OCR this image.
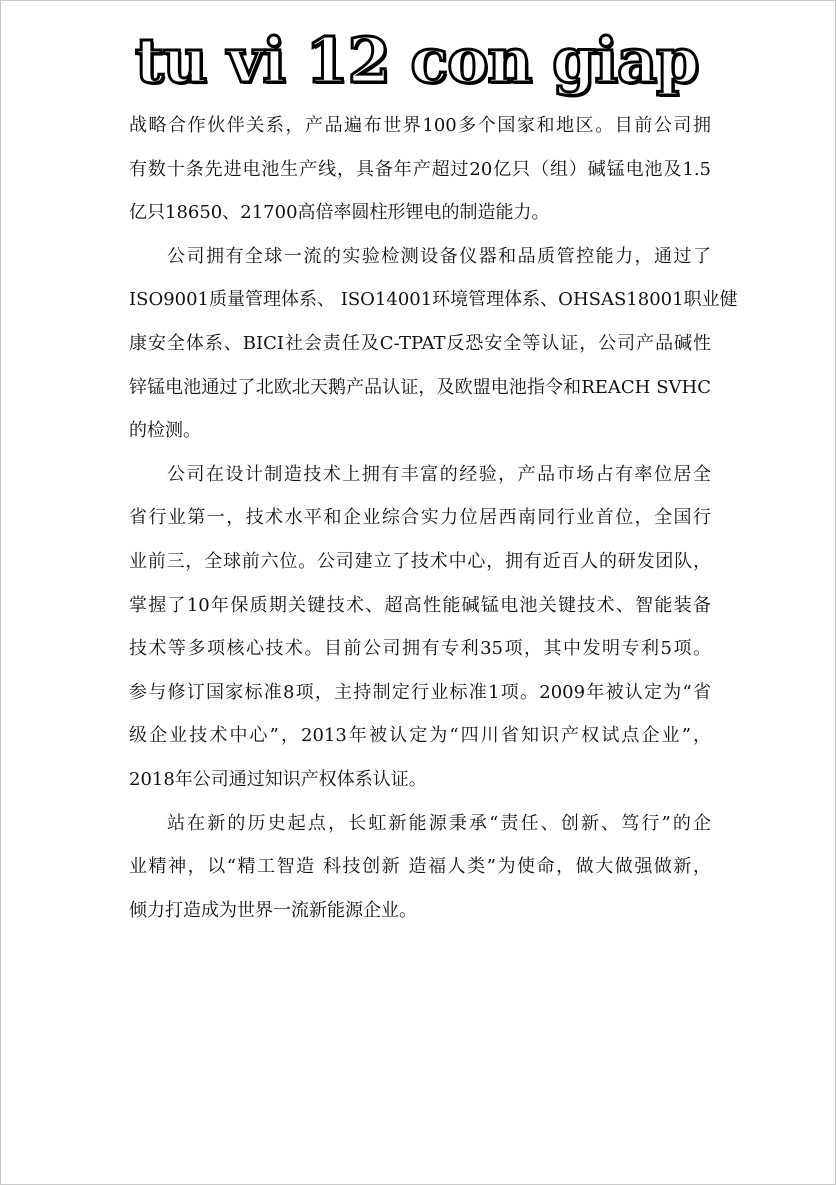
tu vi 12 con giap
战略合作伙伴关系，产品遍布世界100多个国家和地区。目前公司拥
有数十条先进电池生产线，具备年产超过20亿只（组）碱锰电池及1.5
亿只18650、21700高倍率圆柱形锂电的制造能力。
公司拥有全球一流的实验检测设备仪器和品质管控能力，通过了
ISO9001质量管理体系、 ISO14001环境管理体系、OHSAS18001职业健
康安全体系、BICI社会责任及C-TPAT反恐安全等认证，公司产品碱性
锌锰电池通过了北欧北天鹅产品认证，及欧盟电池指令和REACH SVHC
的检测。
公司在设计制造技术上拥有丰富的经验，产品市场占有率位居全
省行业第一，技术水平和企业综合实力位居西南同行业首位，全国行
业前三，全球前六位。公司建立了技术中心，拥有近百人的研发团队，
掌握了10年保质期关键技术、超高性能碱锰电池关键技术、智能装备
技术等多项核心技术。目前公司拥有专利35项，其中发明专利5项。
参与修订国家标准8项，主持制定行业标准1项。2009年被认定为“省
级企业技术中心”，2013年被认定为“四川省知识产权试点企业”，
2018年公司通过知识产权体系认证。
站在新的历史起点，长虹新能源秉承“责任、创新、笃行”的企
业精神，以“精工智造 科技创新 造福人类”为使命，做大做强做新，
倾力打造成为世界一流新能源企业。
